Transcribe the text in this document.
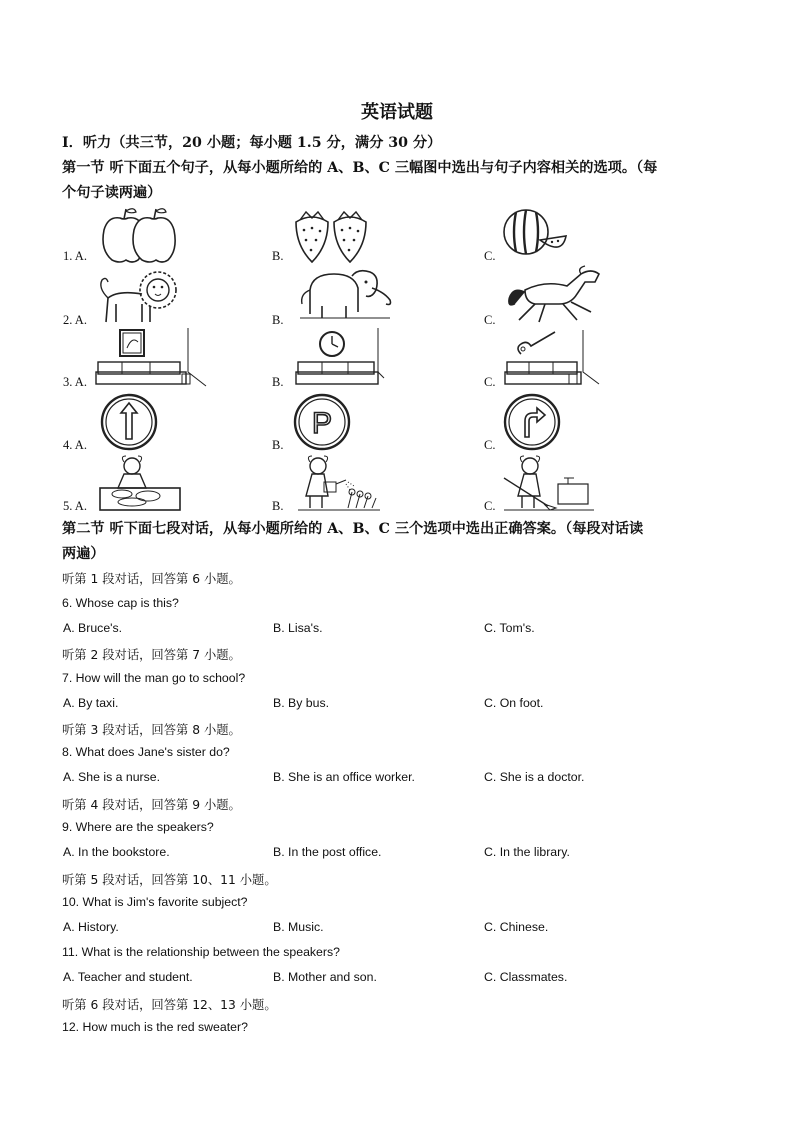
英语试题
Ⅰ．听力（共三节，20 小题；每小题 1.5 分，满分 30 分）
第一节 听下面五个句子，从每小题所给的 A、B、C 三幅图中选出与句子内容相关的选项。（每
个句子读两遍）
1. A.	B.	C.
2. A.	B.	C.
3. A.	B.	C.
4. A.	B.	C.
P
5. A.	B.	C.
第二节 听下面七段对话，从每小题所给的 A、B、C 三个选项中选出正确答案。（每段对话读
两遍）
听第 1 段对话，回答第 6 小题。
6. Whose cap is this?
A. Bruce's.	B. Lisa's.	C. Tom's.
听第 2 段对话，回答第 7 小题。
7. How will the man go to school?
A. By taxi.	B. By bus.	C. On foot.
听第 3 段对话，回答第 8 小题。
8. What does Jane's sister do?
A. She is a nurse.	B. She is an office worker.	C. She is a doctor.
听第 4 段对话，回答第 9 小题。
9. Where are the speakers?
A. In the bookstore.	B. In the post office.	C. In the library.
听第 5 段对话，回答第 10、11 小题。
10. What is Jim's favorite subject?
A. History.	B. Music.	C. Chinese.
11. What is the relationship between the speakers?
A. Teacher and student.	B. Mother and son.	C. Classmates.
听第 6 段对话，回答第 12、13 小题。
12. How much is the red sweater?
